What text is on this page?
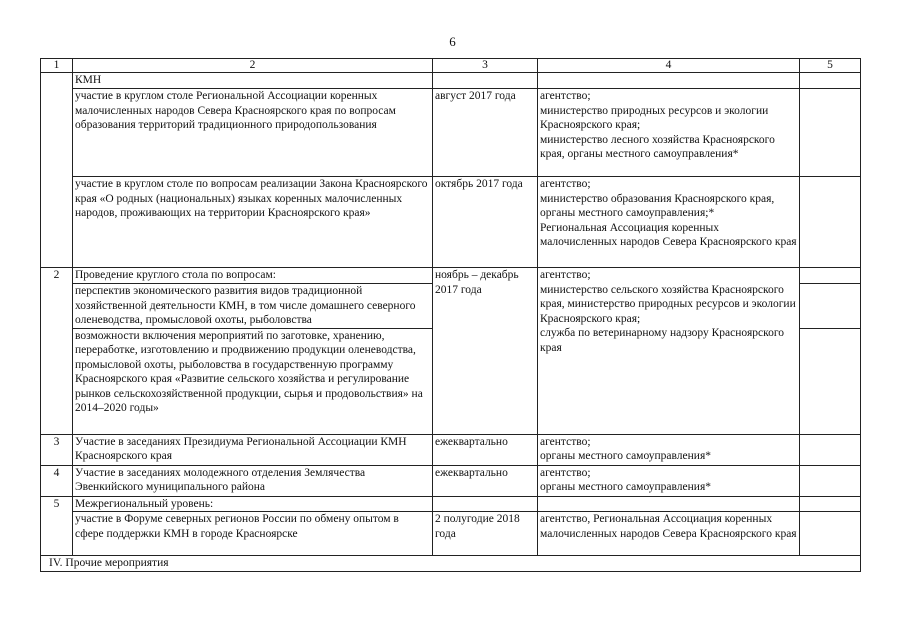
6
1	2	3	4	5
	КМН			
	участие в круглом столе Региональной Ассоциации коренных малочисленных народов Севера Красноярского края по вопросам образования территорий традиционного природопользования	август 2017 года	агентство;
министерство природных ресурсов и экологии Красноярского края;
министерство лесного хозяйства Красноярского края, органы местного самоуправления*	

	участие в круглом столе по вопросам реализации Закона Красноярского края «О родных (национальных) языках коренных малочисленных народов, проживающих на территории Красноярского края»	октябрь 2017 года	агентство;
министерство образования Красноярского края, органы местного самоуправления;*
Региональная Ассоциация коренных малочисленных народов Севера Красноярского края	

2	Проведение круглого стола по вопросам:	ноябрь – декабрь 2017 года	агентство;
министерство сельского хозяйства Красноярского края, министерство природных ресурсов и экологии Красноярского края;
служба по ветеринарному надзору Красноярского края	

	перспектив экономического развития видов традиционной хозяйственной деятельности КМН, в том числе домашнего северного оленеводства, промысловой охоты, рыболовства			
	возможности включения мероприятий по заготовке, хранению, переработке, изготовлению и продвижению продукции оленеводства, промысловой охоты, рыболовства в государственную программу Красноярского края «Развитие сельского хозяйства и регулирование рынков сельскохозяйственной продукции, сырья и продовольствия» на 2014–2020 годы»			
3	Участие в заседаниях Президиума Региональной Ассоциации КМН Красноярского края	ежеквартально	агентство;
органы местного самоуправления*	

4	Участие в заседаниях молодежного отделения Землячества Эвенкийского муниципального района	ежеквартально	агентство;
органы местного самоуправления*	

5	Межрегиональный уровень:			
	участие в Форуме северных регионов России по обмену опытом в сфере поддержки КМН в городе Красноярске	2 полугодие 2018 года	агентство, Региональная Ассоциация коренных малочисленных народов Севера Красноярского края	
IV. Прочие мероприятия				
